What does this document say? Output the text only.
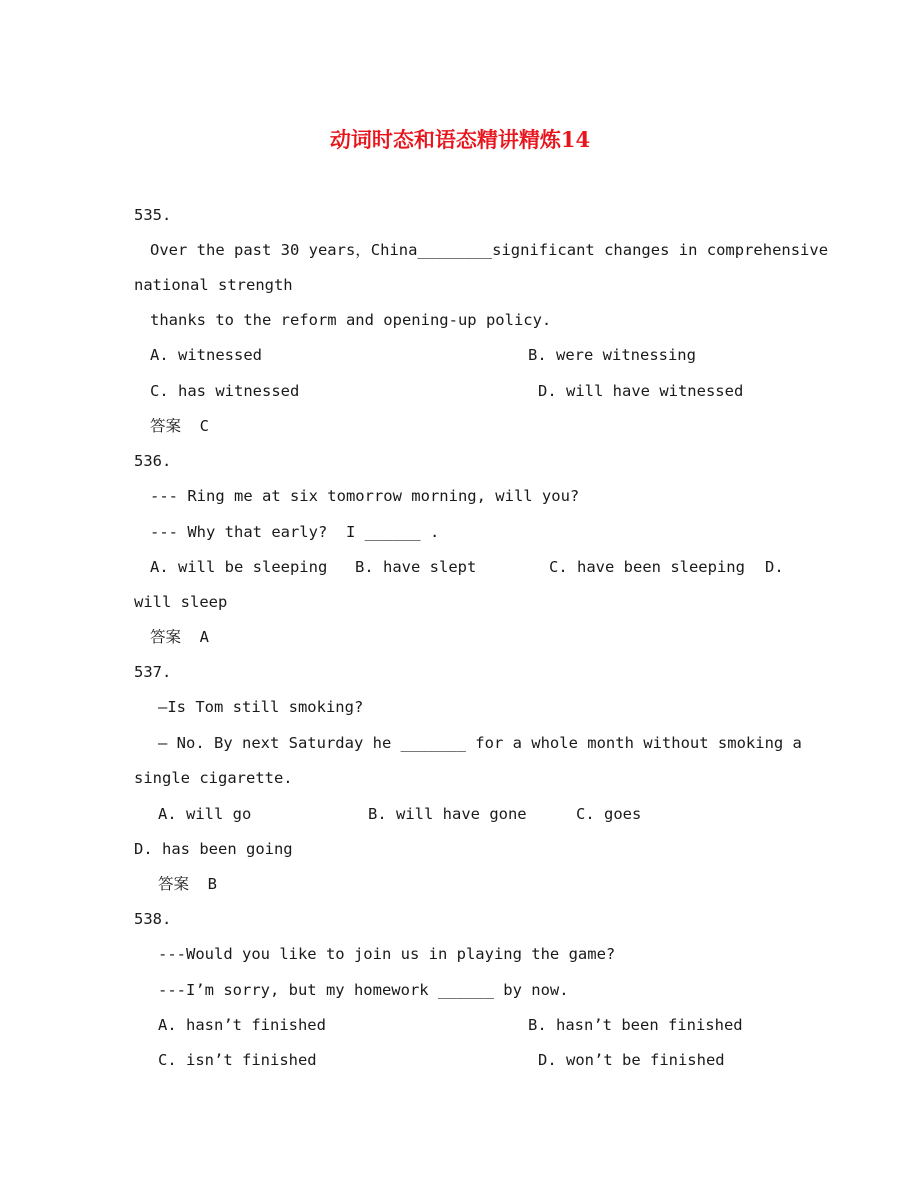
动词时态和语态精讲精炼14
535.
Over the past 30 years，China________significant changes in comprehensive
national strength
thanks to the reform and opening-up policy.
A. witnessed	B. were witnessing
C. has witnessed	D. will have witnessed
答案  C
536.
--- Ring me at six tomorrow morning, will you?
--- Why that early?  I ______ .
A. will be sleeping B. have slept	C. have been sleeping D.
will sleep
答案  A
537.
—Is Tom still smoking?
— No. By next Saturday he _______ for a whole month without smoking a
single cigarette.
A. will go	B. will have gone	C. goes
D. has been going
答案  B
538.
---Would you like to join us in playing the game?
---I’m sorry, but my homework ______ by now.
A. hasn’t finished	B. hasn’t been finished
C. isn’t finished	D. won’t be finished
